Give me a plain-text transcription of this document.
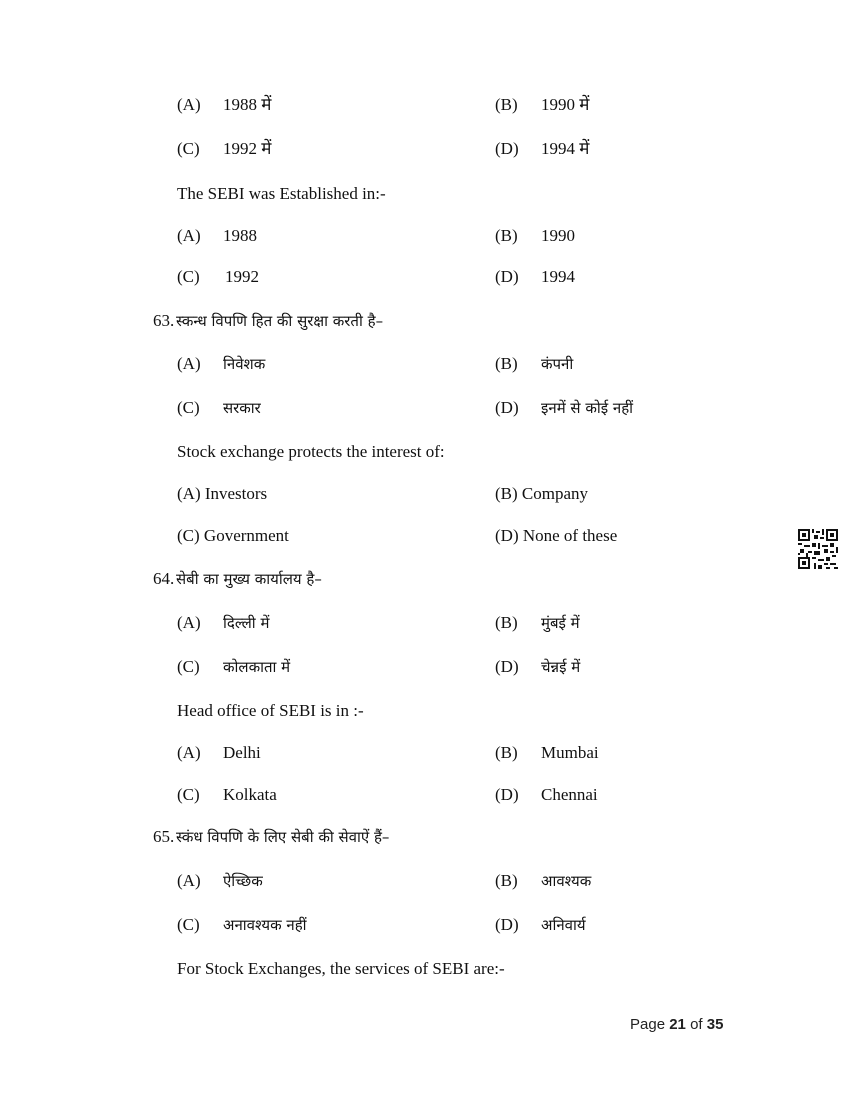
(A) 1988 में	(B) 1990 में
(C) 1992 में	(D) 1994 में
The SEBI was Established in:-
(A) 1988	(B) 1990
(C) 1992	(D) 1994
63. स्कन्ध विपणि हित की सुरक्षा करती है–
(A) निवेशक	(B) कंपनी
(C) सरकार	(D) इनमें से कोई नहीं
Stock exchange protects the interest of:
(A) Investors	(B) Company
(C) Government	(D) None of these
64. सेबी का मुख्य कार्यालय है–
(A) दिल्ली में	(B) मुंबई में
(C) कोलकाता में	(D) चेन्नई में
Head office of SEBI is in :-
(A) Delhi	(B) Mumbai
(C) Kolkata	(D) Chennai
65. स्कंध विपणि के लिए सेबी की सेवाऐं हैं–
(A) ऐच्छिक	(B) आवश्यक
(C) अनावश्यक नहीं	(D) अनिवार्य
For Stock Exchanges, the services of SEBI are:-
Page 21 of 35
